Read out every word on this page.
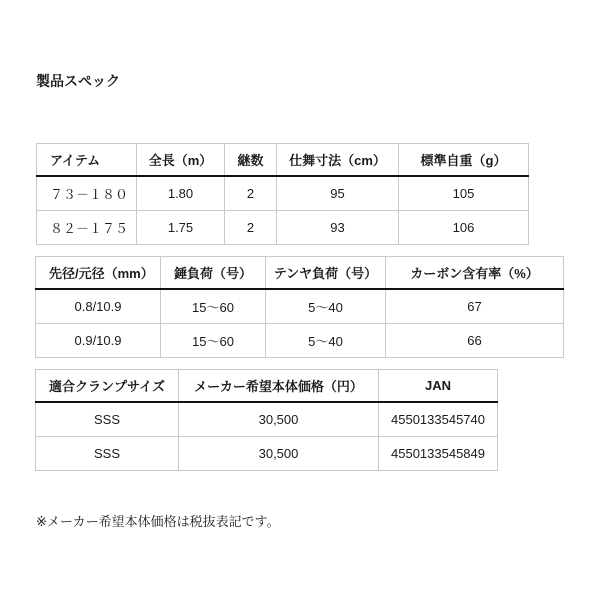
製品スペック
アイテム	全長（m）	継数	仕舞寸法（cm）	標準自重（g）
７３－１８０	1.80	2	95	105
８２－１７５	1.75	2	93	106
先径/元径（mm）	錘負荷（号）	テンヤ負荷（号）	カーボン含有率（%）
0.8/10.9	15～60	5～40	67
0.9/10.9	15～60	5～40	66
適合クランプサイズ	メーカー希望本体価格（円）	JAN
SSS	30,500	4550133545740
SSS	30,500	4550133545849

※メーカー希望本体価格は税抜表記です。
